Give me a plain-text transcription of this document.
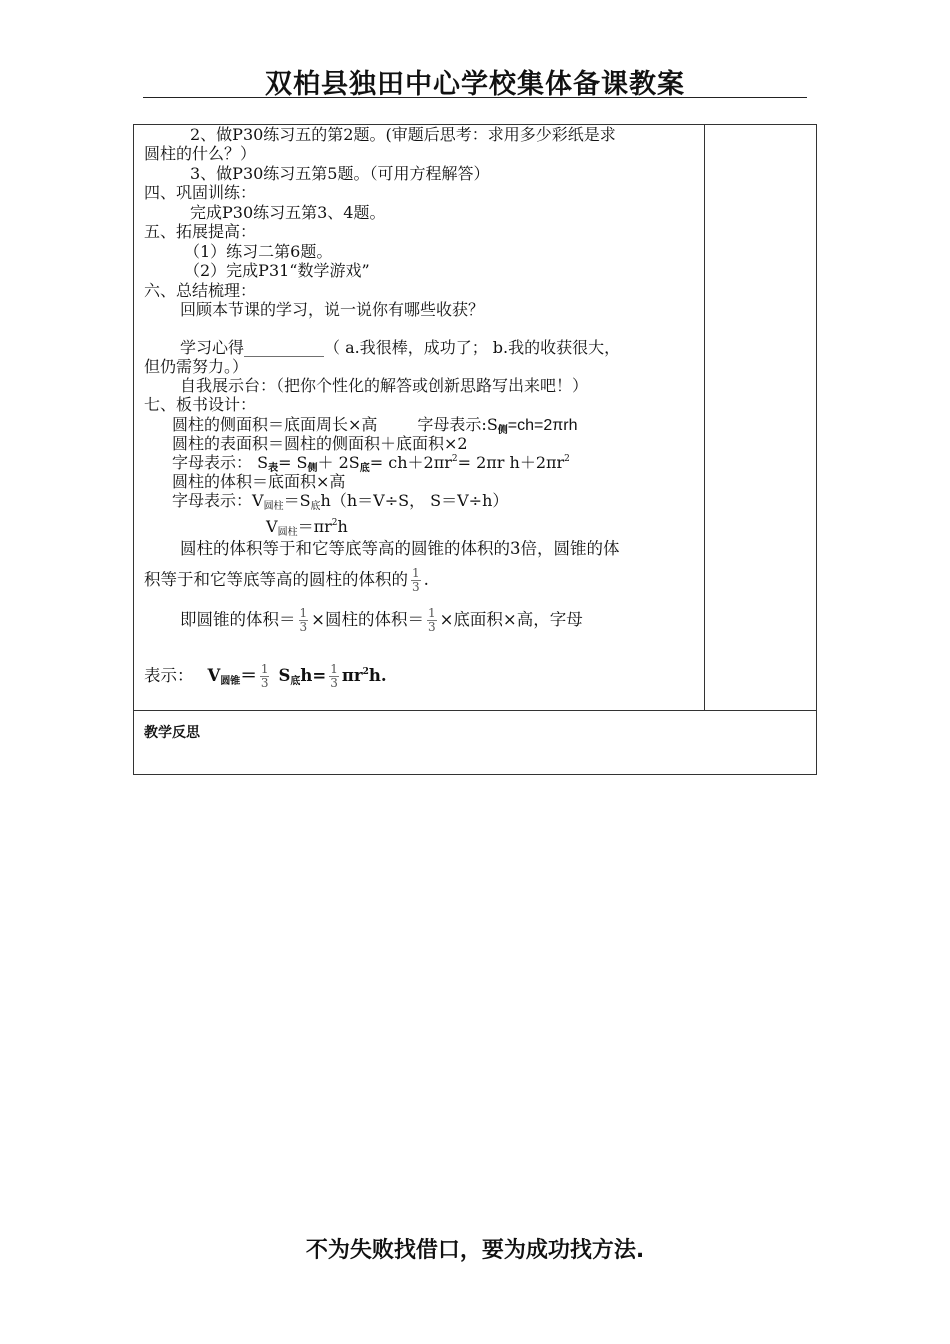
双柏县独田中心学校集体备课教案
2、做P30练习五的第2题。(审题后思考：求用多少彩纸是求
圆柱的什么？）
3、做P30练习五第5题。（可用方程解答）
四、巩固训练：
完成P30练习五第3、4题。
五、拓展提高：
（1）练习二第6题。
（2）完成P31“数学游戏”
六、总结梳理：
回顾本节课的学习，说一说你有哪些收获？
学习心得__________（ a.我很棒，成功了； b.我的收获很大，
但仍需努力。）
自我展示台：（把你个性化的解答或创新思路写出来吧！）
七、板书设计：
圆柱的侧面积＝底面周长×高	字母表示:S侧=ch=2πrh
圆柱的表面积＝圆柱的侧面积＋底面积×2
字母表示： S表= S侧＋ 2S底= $ch+2\pi r^2= 2\pi r$ $h+2\pi r^2$
圆柱的体积＝底面积×高
字母表示：V圆柱＝S底h（h＝V÷S， S＝V÷h）
V圆柱$=\pi r^2h$
圆柱的体积等于和它等底等高的圆锥的体积的3倍，圆锥的体
积等于和它等底等高的圆柱的体积的 $\frac{1}{3}$ .
即圆锥的体积＝ $\frac{1}{3}$ ×圆柱的体积＝ $\frac{1}{3}$ ×底面积×高，字母
表示： V圆锥＝ $\frac{1}{3}$ S底$h= \frac{1}{3} \pi r^2h$.
教学反思
不为失败找借口，要为成功找方法.
